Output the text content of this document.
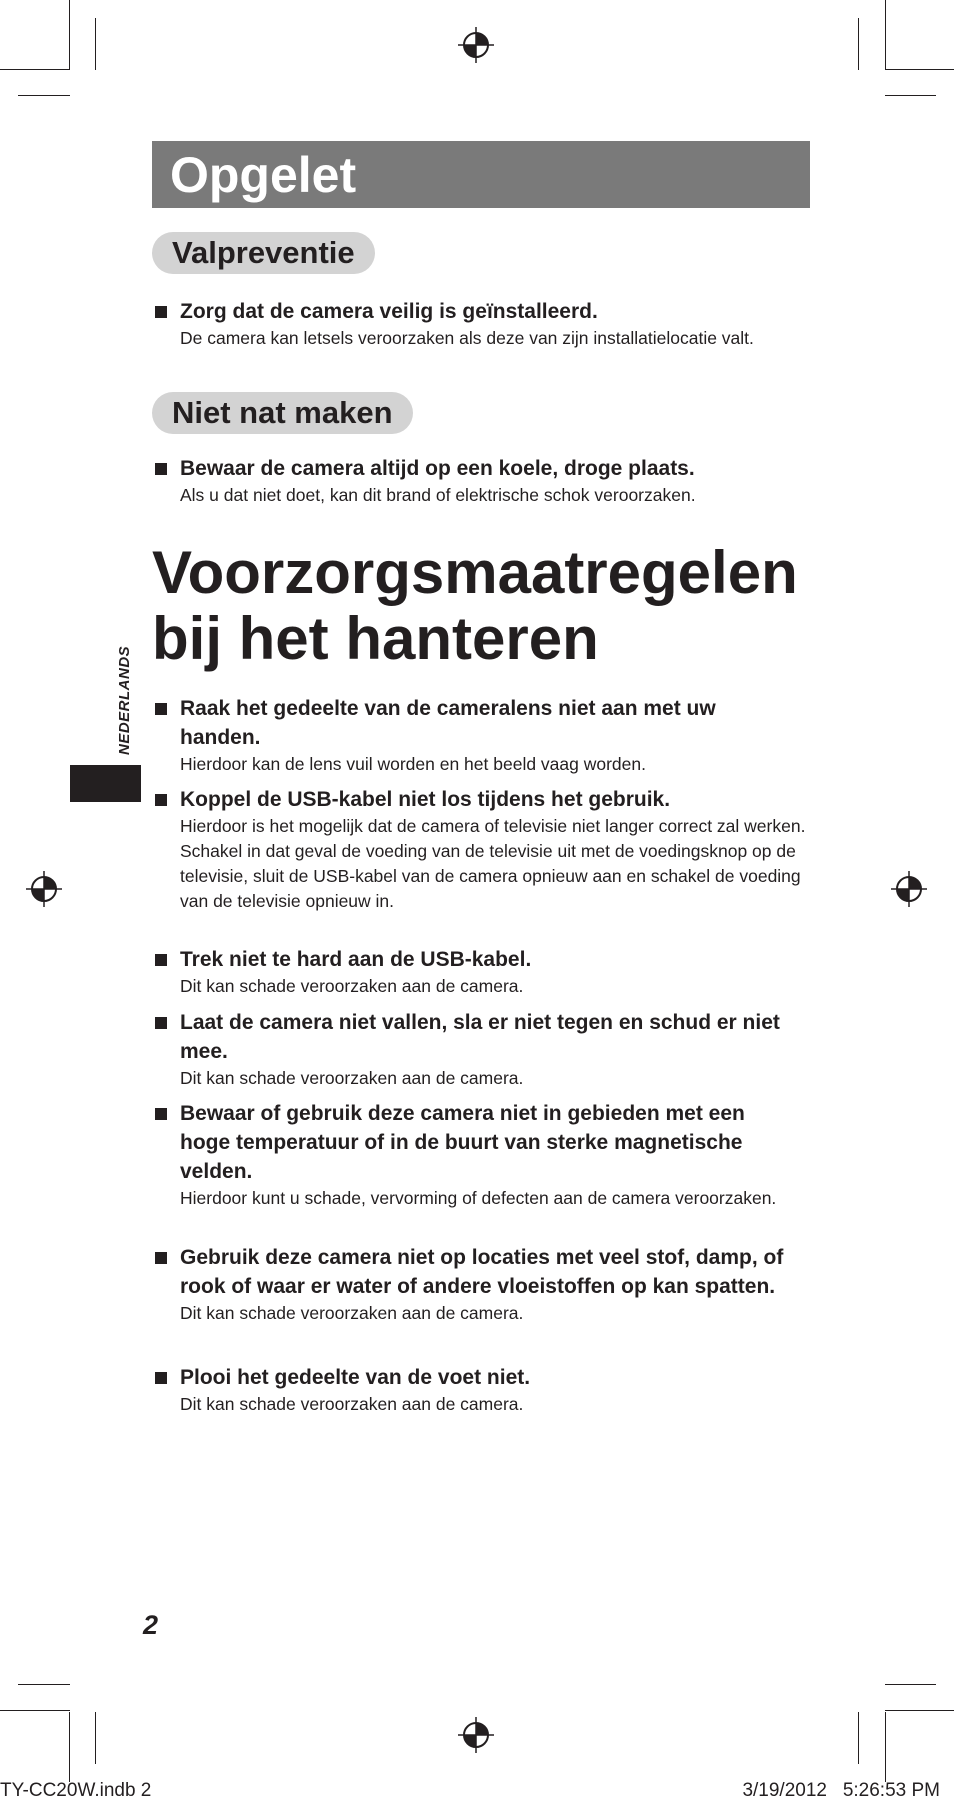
Opgelet
Valpreventie
Zorg dat de camera veilig is geïnstalleerd.
De camera kan letsels veroorzaken als deze van zijn installatielocatie valt.
Niet nat maken
Bewaar de camera altijd op een koele, droge plaats.
Als u dat niet doet, kan dit brand of elektrische schok veroorzaken.
Voorzorgsmaatregelen
bij het hanteren
NEDERLANDS Raak het gedeelte van de cameralens niet aan met uw handen.
Hierdoor kan de lens vuil worden en het beeld vaag worden.
Koppel de USB-kabel niet los tijdens het gebruik.
Hierdoor is het mogelijk dat de camera of televisie niet langer correct zal werken.
Schakel in dat geval de voeding van de televisie uit met de voedingsknop op de televisie, sluit de USB-kabel van de camera opnieuw aan en schakel de voeding van de televisie opnieuw in.
Trek niet te hard aan de USB-kabel.
Dit kan schade veroorzaken aan de camera.
Laat de camera niet vallen, sla er niet tegen en schud er niet mee.
Dit kan schade veroorzaken aan de camera.
Bewaar of gebruik deze camera niet in gebieden met een hoge temperatuur of in de buurt van sterke magnetische velden.
Hierdoor kunt u schade, vervorming of defecten aan de camera veroorzaken.
Gebruik deze camera niet op locaties met veel stof, damp, of rook of waar er water of andere vloeistoffen op kan spatten.
Dit kan schade veroorzaken aan de camera.
Plooi het gedeelte van de voet niet.
Dit kan schade veroorzaken aan de camera.
2
TY-CC20W.indb 2	3/19/2012   5:26:53 PM
